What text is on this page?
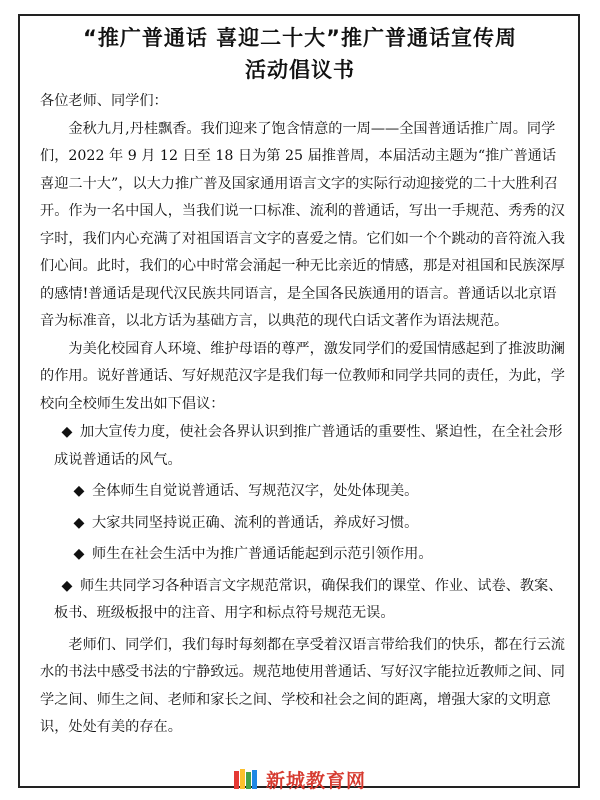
“推广普通话 喜迎二十大”推广普通话宣传周
活动倡议书

各位老师、同学们：

金秋九月,丹桂飘香。我们迎来了饱含情意的一周——全国普通话推广周。同学们，2022 年 9 月 12 日至 18 日为第 25 届推普周，本届活动主题为“推广普通话 喜迎二十大”，以大力推广普及国家通用语言文字的实际行动迎接党的二十大胜利召开。作为一名中国人，当我们说一口标准、流利的普通话，写出一手规范、秀秀的汉字时，我们内心充满了对祖国语言文字的喜爱之情。它们如一个个跳动的音符流入我们心间。此时，我们的心中时常会涌起一种无比亲近的情感，那是对祖国和民族深厚的感情!普通话是现代汉民族共同语言，是全国各民族通用的语言。普通话以北京语音为标准音，以北方话为基础方言，以典范的现代白话文著作为语法规范。

为美化校园育人环境、维护母语的尊严，激发同学们的爱国情感起到了推波助澜的作用。说好普通话、写好规范汉字是我们每一位教师和同学共同的责任，为此，学校向全校师生发出如下倡议：

◆ 加大宣传力度，使社会各界认识到推广普通话的重要性、紧迫性，在全社会形成说普通话的风气。

◆ 全体师生自觉说普通话、写规范汉字，处处体现美。

◆ 大家共同坚持说正确、流利的普通话，养成好习惯。

◆ 师生在社会生活中为推广普通话能起到示范引领作用。

◆ 师生共同学习各种语言文字规范常识，确保我们的课堂、作业、试卷、教案、板书、班级板报中的注音、用字和标点符号规范无误。

老师们、同学们，我们每时每刻都在享受着汉语言带给我们的快乐，都在行云流水的书法中感受书法的宁静致远。规范地使用普通话、写好汉字能拉近教师之间、同学之间、师生之间、老师和家长之间、学校和社会之间的距离，增强大家的文明意识，处处有美的存在。

新城教育网
